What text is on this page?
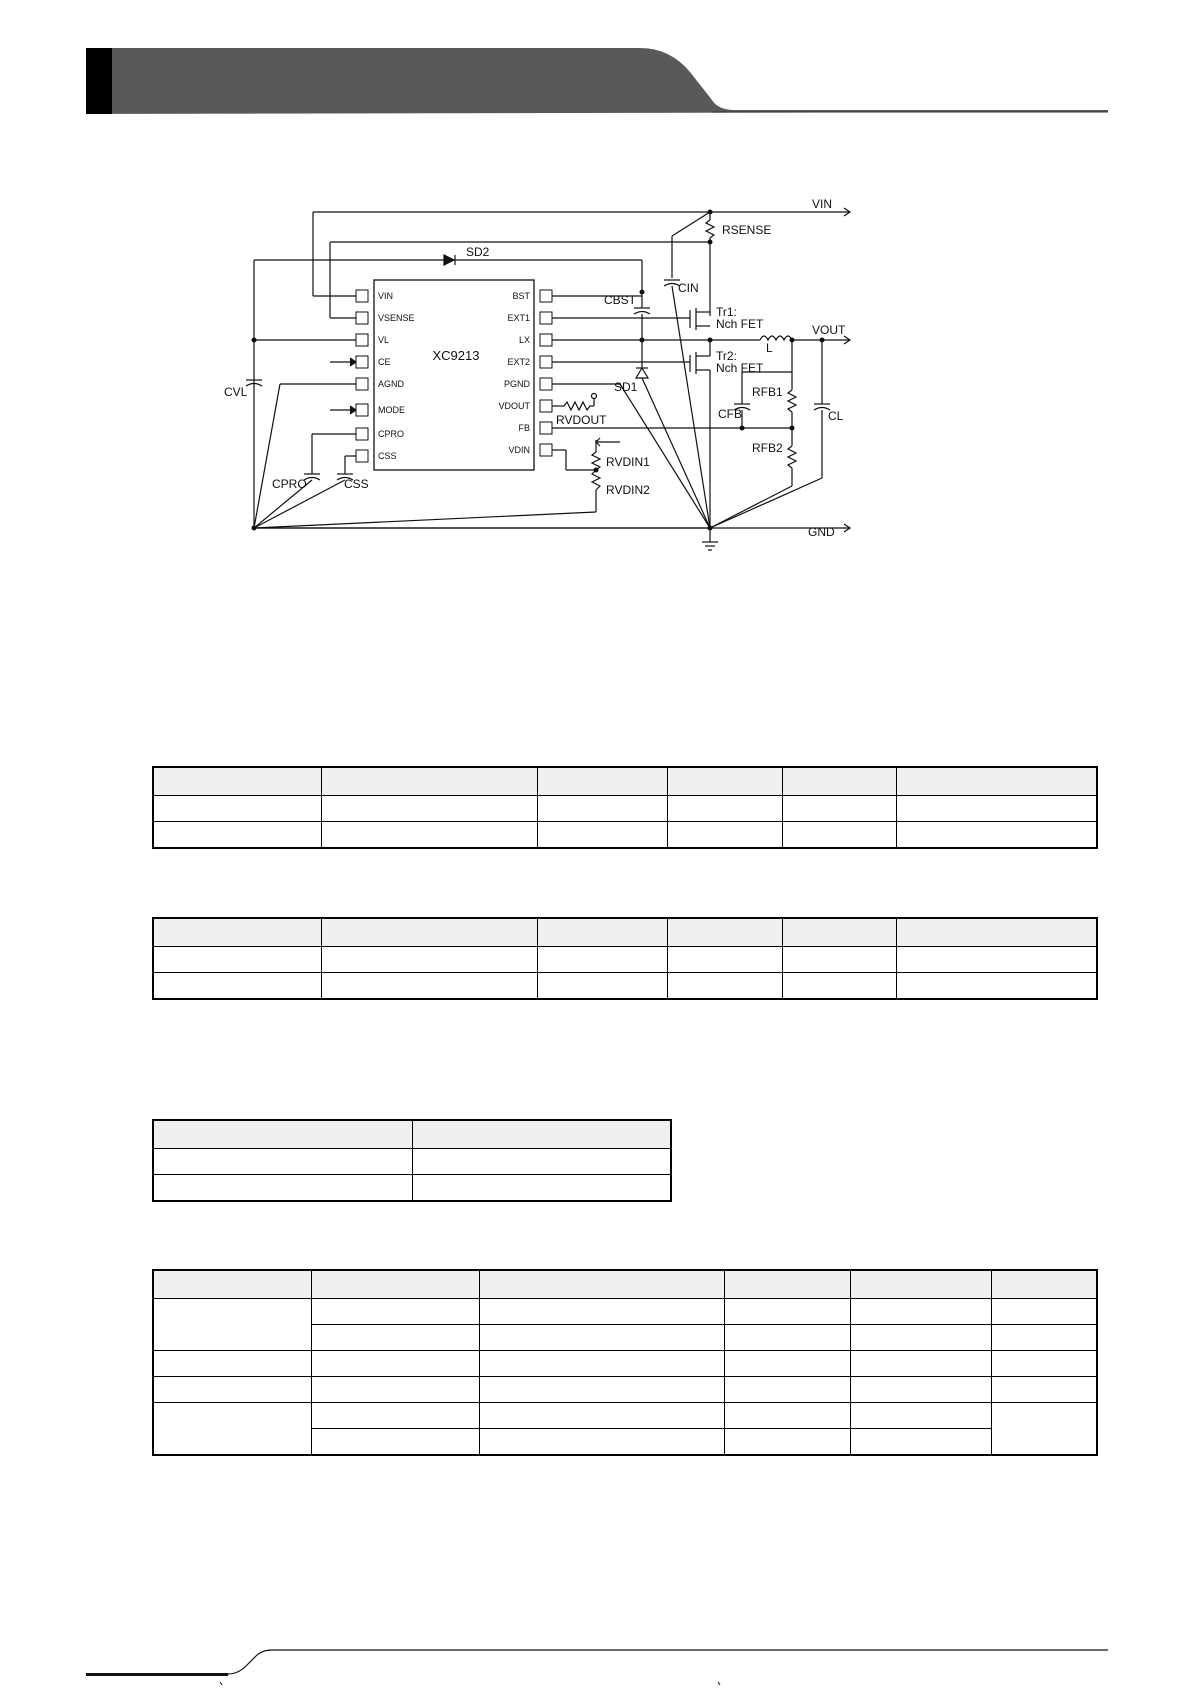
XC9213
VIN
VSENSE
VL
CE
AGND
MODE
CPRO
CSS
BST
EXT1
LX
EXT2
PGND
VDOUT
FB
VDIN
VIN
RSENSE
SD2
CIN
CBST
Tr1:
Nch FET	VOUT
L
Tr2:
Nch FET
SD1	RFB1
CFB	CL
RVDOUT
RFB2
RVDIN1
RVDIN2
CVL
CPRO	CSS
GND
